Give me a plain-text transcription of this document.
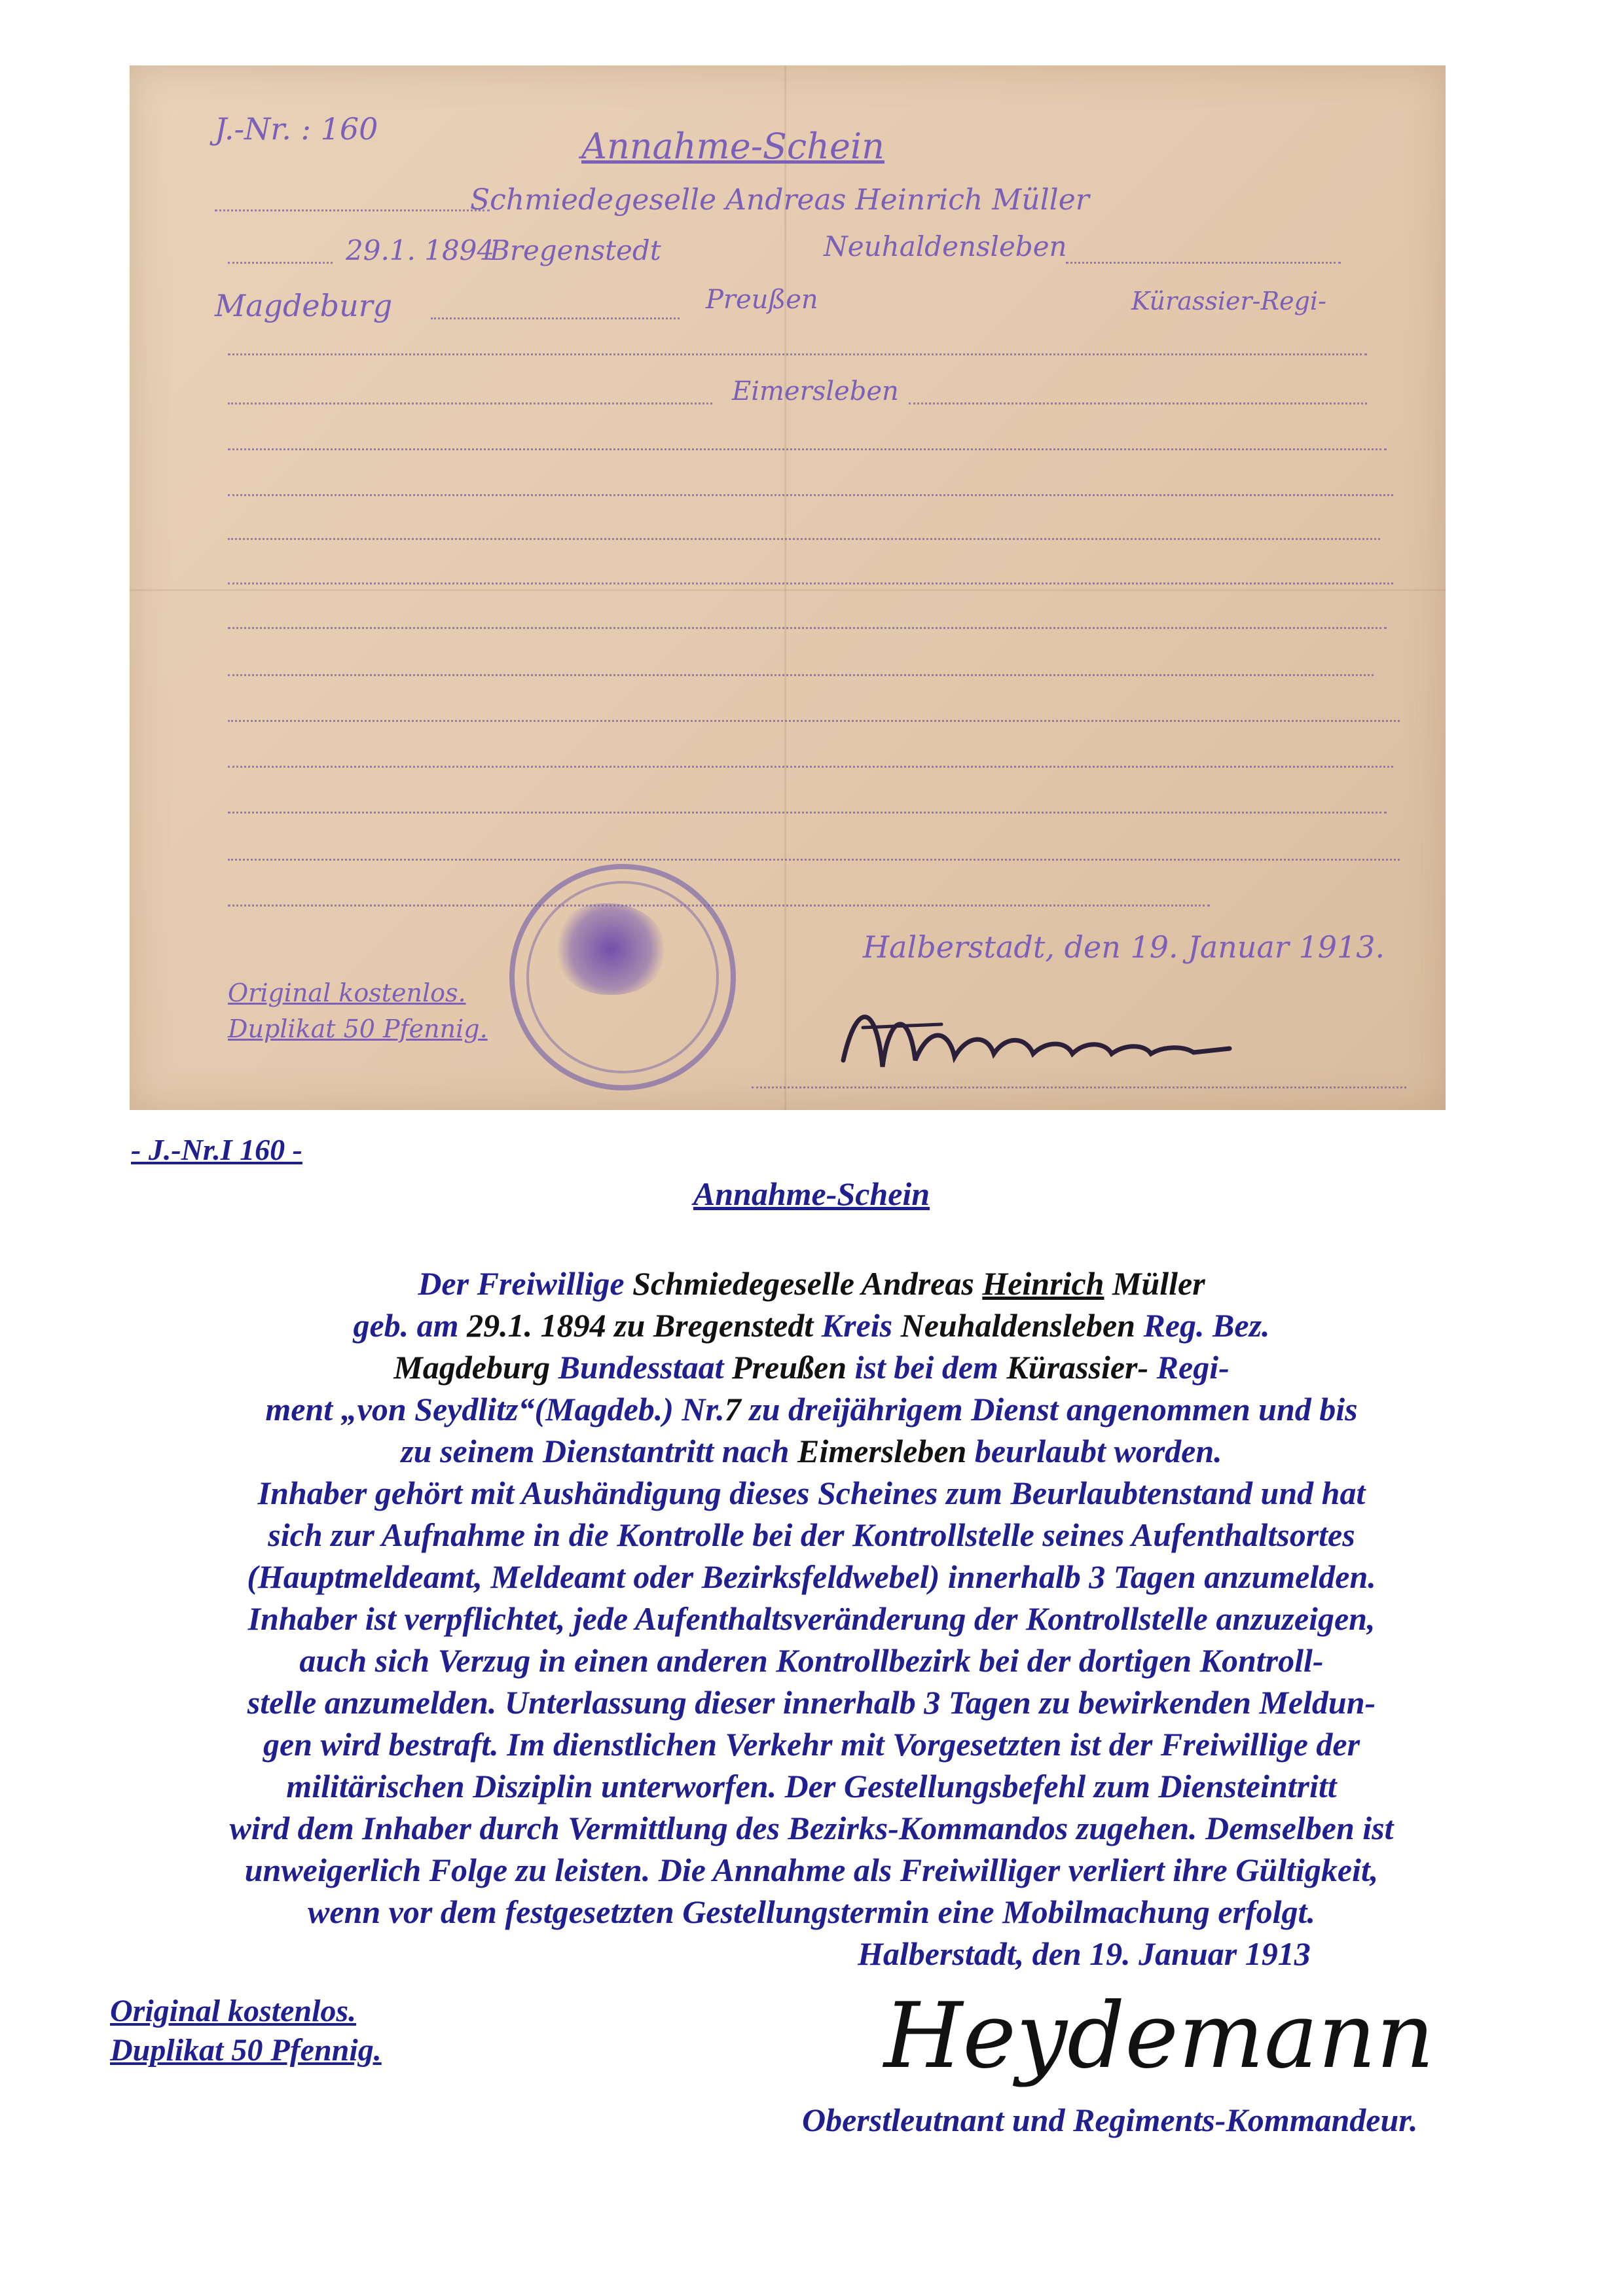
J.-Nr. : 160	Annahme-Schein
Schmiedegeselle Andreas Heinrich Müller
29.1. 1894
Bregenstedt	Neuhaldensleben
Magdeburg	Preußen	Kürassier-Regi-
Eimersleben
Halberstadt, den 19. Januar 1913.
Original kostenlos.
Duplikat 50 Pfennig.
- J.-Nr.I 160 -
Annahme-Schein
Der Freiwillige Schmiedegeselle Andreas Heinrich Müller
geb. am 29.1. 1894 zu Bregenstedt Kreis Neuhaldensleben Reg. Bez.
Magdeburg Bundesstaat Preußen ist bei dem Kürassier- Regi-
ment „von Seydlitz“(Magdeb.) Nr.7 zu dreijährigem Dienst angenommen und bis
zu seinem Dienstantritt nach Eimersleben beurlaubt worden.
Inhaber gehört mit Aushändigung dieses Scheines zum Beurlaubtenstand und hat
sich zur Aufnahme in die Kontrolle bei der Kontrollstelle seines Aufenthaltsortes
(Hauptmeldeamt, Meldeamt oder Bezirksfeldwebel) innerhalb 3 Tagen anzumelden.
Inhaber ist verpflichtet, jede Aufenthaltsveränderung der Kontrollstelle anzuzeigen,
auch sich Verzug in einen anderen Kontrollbezirk bei der dortigen Kontroll-
stelle anzumelden. Unterlassung dieser innerhalb 3 Tagen zu bewirkenden Meldun-
gen wird bestraft. Im dienstlichen Verkehr mit Vorgesetzten ist der Freiwillige der
militärischen Disziplin unterworfen. Der Gestellungsbefehl zum Diensteintritt
wird dem Inhaber durch Vermittlung des Bezirks-Kommandos zugehen. Demselben ist
unweigerlich Folge zu leisten. Die Annahme als Freiwilliger verliert ihre Gültigkeit,
wenn vor dem festgesetzten Gestellungstermin eine Mobilmachung erfolgt.
Halberstadt, den 19. Januar 1913
Original kostenlos.
Duplikat 50 Pfennig.	Heydemann
Oberstleutnant und Regiments-Kommandeur.
